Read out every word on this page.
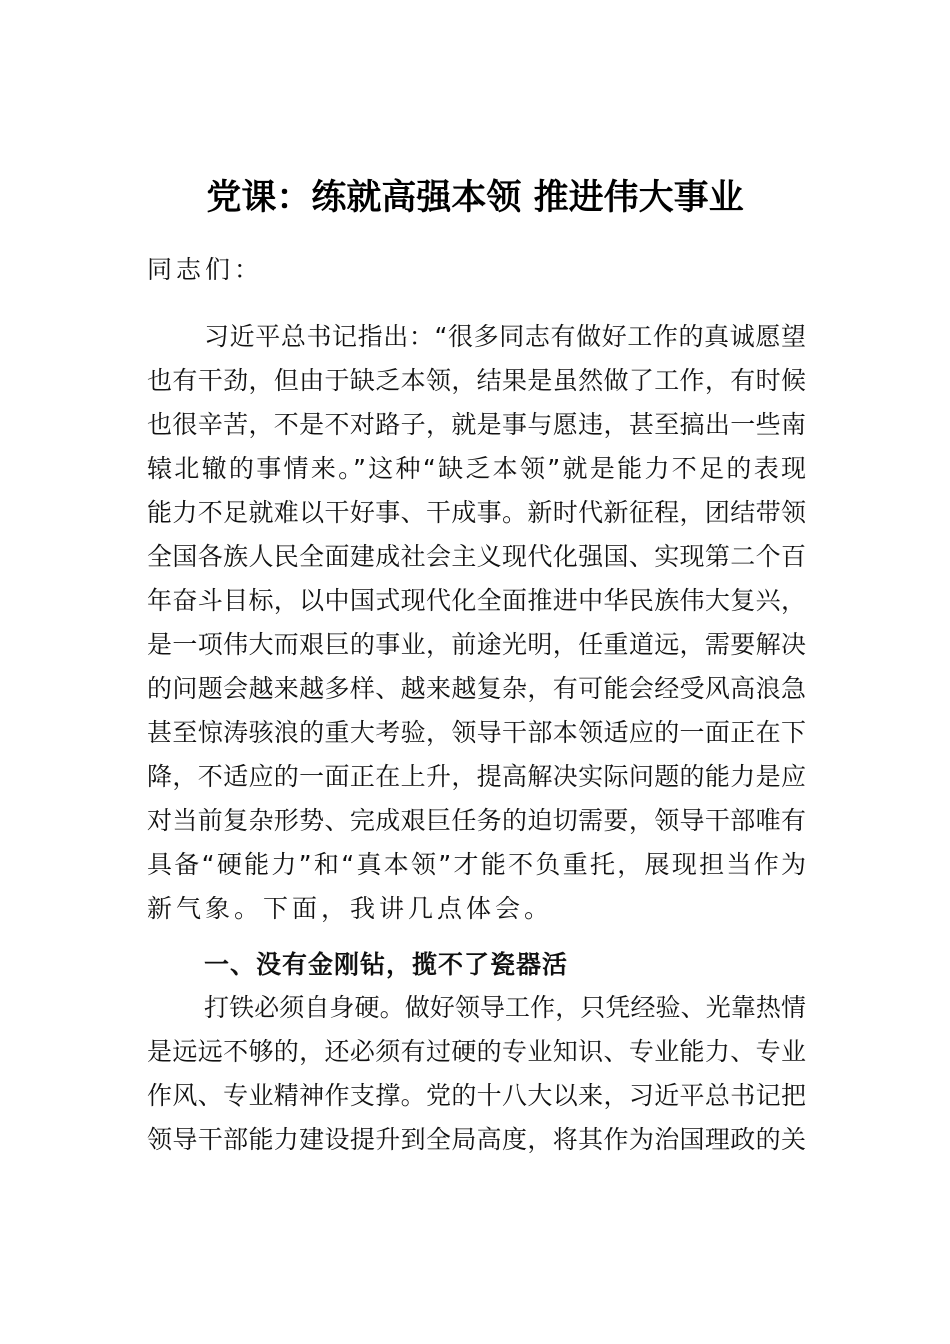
党课：练就高强本领 推进伟大事业
同志们：
习近平总书记指出：“很多同志有做好工作的真诚愿望
也有干劲，但由于缺乏本领，结果是虽然做了工作，有时候
也很辛苦，不是不对路子，就是事与愿违，甚至搞出一些南
辕北辙的事情来。”这种“缺乏本领”就是能力不足的表现
能力不足就难以干好事、干成事。新时代新征程，团结带领
全国各族人民全面建成社会主义现代化强国、实现第二个百
年奋斗目标，以中国式现代化全面推进中华民族伟大复兴，
是一项伟大而艰巨的事业，前途光明，任重道远，需要解决
的问题会越来越多样、越来越复杂，有可能会经受风高浪急
甚至惊涛骇浪的重大考验，领导干部本领适应的一面正在下
降，不适应的一面正在上升，提高解决实际问题的能力是应
对当前复杂形势、完成艰巨任务的迫切需要，领导干部唯有
具备“硬能力”和“真本领”才能不负重托，展现担当作为
新气象。下面，我讲几点体会。
一、没有金刚钻，揽不了瓷器活
打铁必须自身硬。做好领导工作，只凭经验、光靠热情
是远远不够的，还必须有过硬的专业知识、专业能力、专业
作风、专业精神作支撑。党的十八大以来，习近平总书记把
领导干部能力建设提升到全局高度，将其作为治国理政的关
